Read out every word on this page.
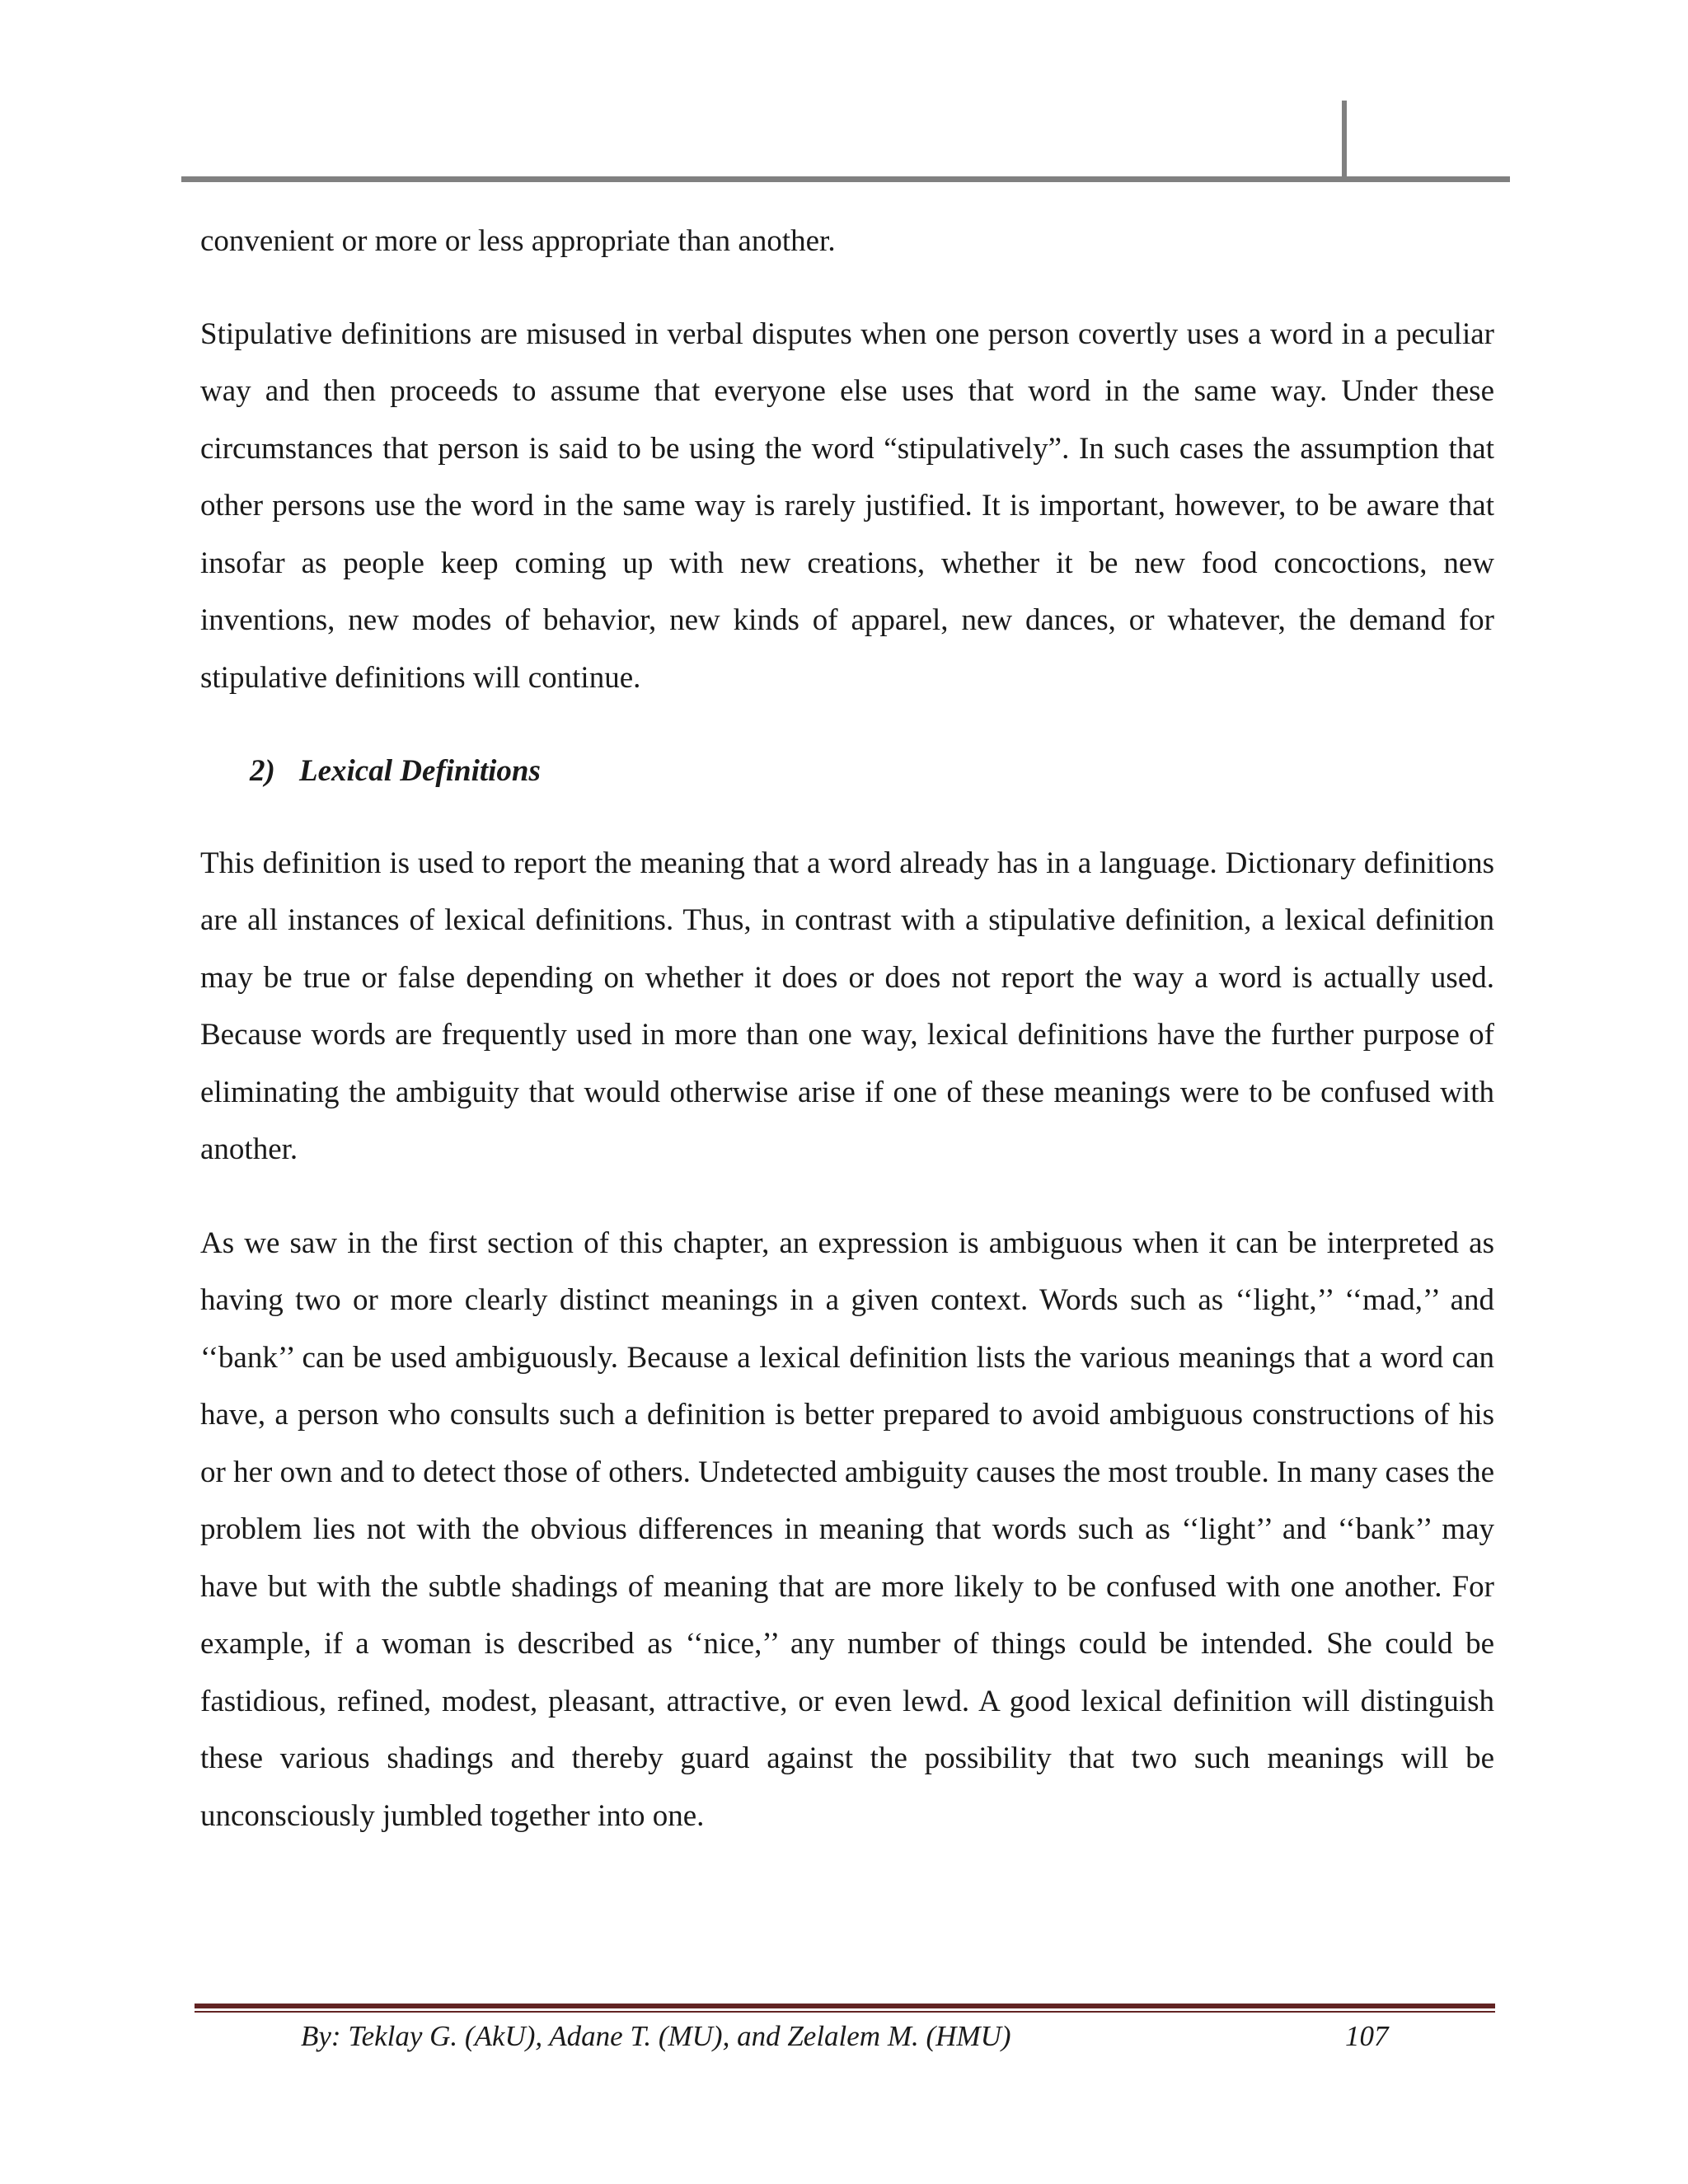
convenient or more or less appropriate than another.

Stipulative definitions are misused in verbal disputes when one person covertly uses a word in a peculiar way and then proceeds to assume that everyone else uses that word in the same way. Under these circumstances that person is said to be using the word “stipulatively”. In such cases the assumption that other persons use the word in the same way is rarely justified. It is important, however, to be aware that insofar as people keep coming up with new creations, whether it be new food concoctions, new inventions, new modes of behavior, new kinds of apparel, new dances, or whatever, the demand for stipulative definitions will continue.

2) Lexical Definitions

This definition is used to report the meaning that a word already has in a language. Dictionary definitions are all instances of lexical definitions. Thus, in contrast with a stipulative definition, a lexical definition may be true or false depending on whether it does or does not report the way a word is actually used. Because words are frequently used in more than one way, lexical definitions have the further purpose of eliminating the ambiguity that would otherwise arise if one of these meanings were to be confused with another.

As we saw in the first section of this chapter, an expression is ambiguous when it can be interpreted as having two or more clearly distinct meanings in a given context. Words such as ‘‘light,’’ ‘‘mad,’’ and ‘‘bank’’ can be used ambiguously. Because a lexical definition lists the various meanings that a word can have, a person who consults such a definition is better prepared to avoid ambiguous constructions of his or her own and to detect those of others. Undetected ambiguity causes the most trouble. In many cases the problem lies not with the obvious differences in meaning that words such as ‘‘light’’ and ‘‘bank’’ may have but with the subtle shadings of meaning that are more likely to be confused with one another. For example, if a woman is described as ‘‘nice,’’ any number of things could be intended. She could be fastidious, refined, modest, pleasant, attractive, or even lewd. A good lexical definition will distinguish these various shadings and thereby guard against the possibility that two such meanings will be unconsciously jumbled together into one.

By: Teklay G. (AkU), Adane T. (MU), and Zelalem M. (HMU)	107
